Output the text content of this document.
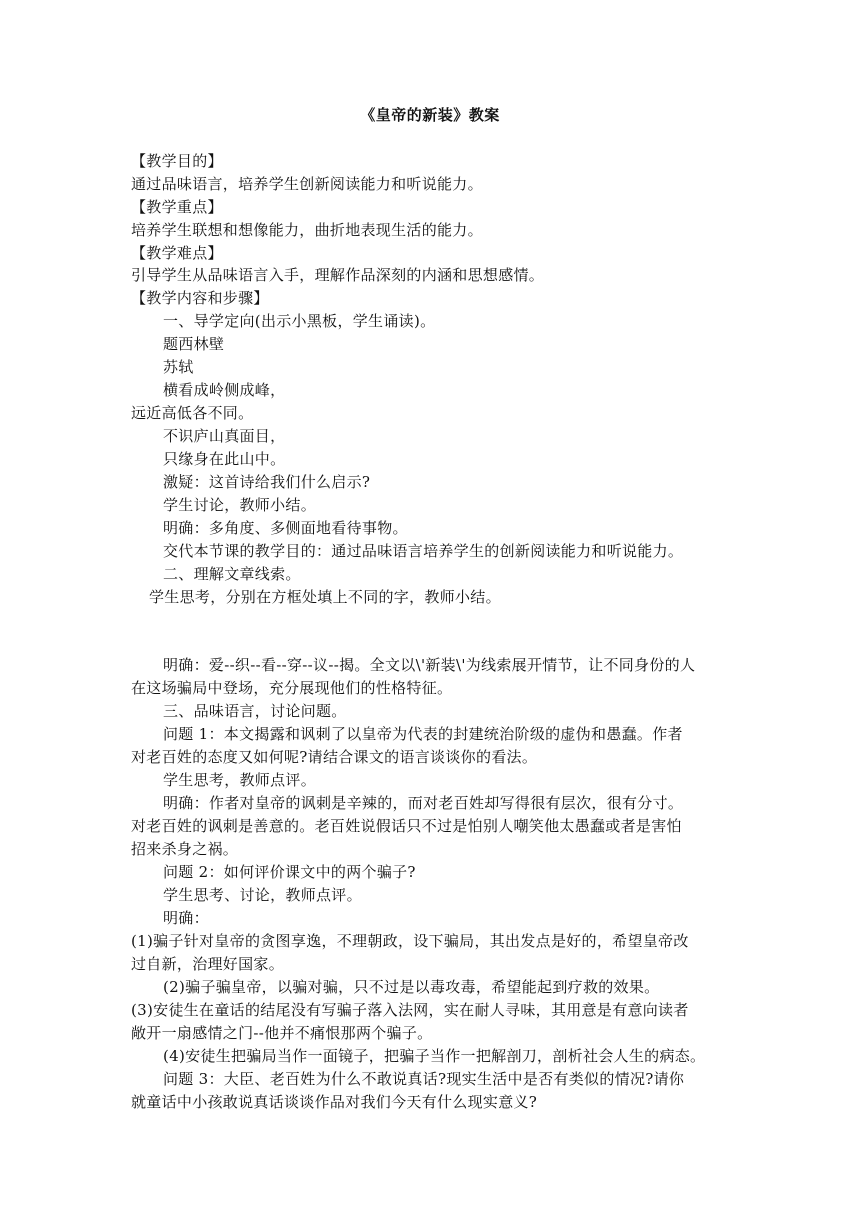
《皇帝的新装》教案
【教学目的】
通过品味语言，培养学生创新阅读能力和听说能力。
【教学重点】
培养学生联想和想像能力，曲折地表现生活的能力。
【教学难点】
引导学生从品味语言入手，理解作品深刻的内涵和思想感情。
【教学内容和步骤】
一、导学定向(出示小黑板，学生诵读)。
题西林壁
苏轼
横看成岭侧成峰，
远近高低各不同。
不识庐山真面目，
只缘身在此山中。
激疑：这首诗给我们什么启示?
学生讨论，教师小结。
明确：多角度、多侧面地看待事物。
交代本节课的教学目的：通过品味语言培养学生的创新阅读能力和听说能力。
二、理解文章线索。
学生思考，分别在方框处填上不同的字，教师小结。
明确：爱--织--看--穿--议--揭。全文以\'新装\'为线索展开情节，让不同身份的人
在这场骗局中登场，充分展现他们的性格特征。
三、品味语言，讨论问题。
问题 1：本文揭露和讽刺了以皇帝为代表的封建统治阶级的虚伪和愚蠢。作者
对老百姓的态度又如何呢?请结合课文的语言谈谈你的看法。
学生思考，教师点评。
明确：作者对皇帝的讽刺是辛辣的，而对老百姓却写得很有层次，很有分寸。
对老百姓的讽刺是善意的。老百姓说假话只不过是怕别人嘲笑他太愚蠢或者是害怕
招来杀身之祸。
问题 2：如何评价课文中的两个骗子?
学生思考、讨论，教师点评。
明确：
(1)骗子针对皇帝的贪图享逸，不理朝政，设下骗局，其出发点是好的，希望皇帝改
过自新，治理好国家。
(2)骗子骗皇帝，以骗对骗，只不过是以毒攻毒，希望能起到疗救的效果。
(3)安徒生在童话的结尾没有写骗子落入法网，实在耐人寻味，其用意是有意向读者
敞开一扇感情之门--他并不痛恨那两个骗子。
(4)安徒生把骗局当作一面镜子，把骗子当作一把解剖刀，剖析社会人生的病态。
问题 3：大臣、老百姓为什么不敢说真话?现实生活中是否有类似的情况?请你
就童话中小孩敢说真话谈谈作品对我们今天有什么现实意义?
